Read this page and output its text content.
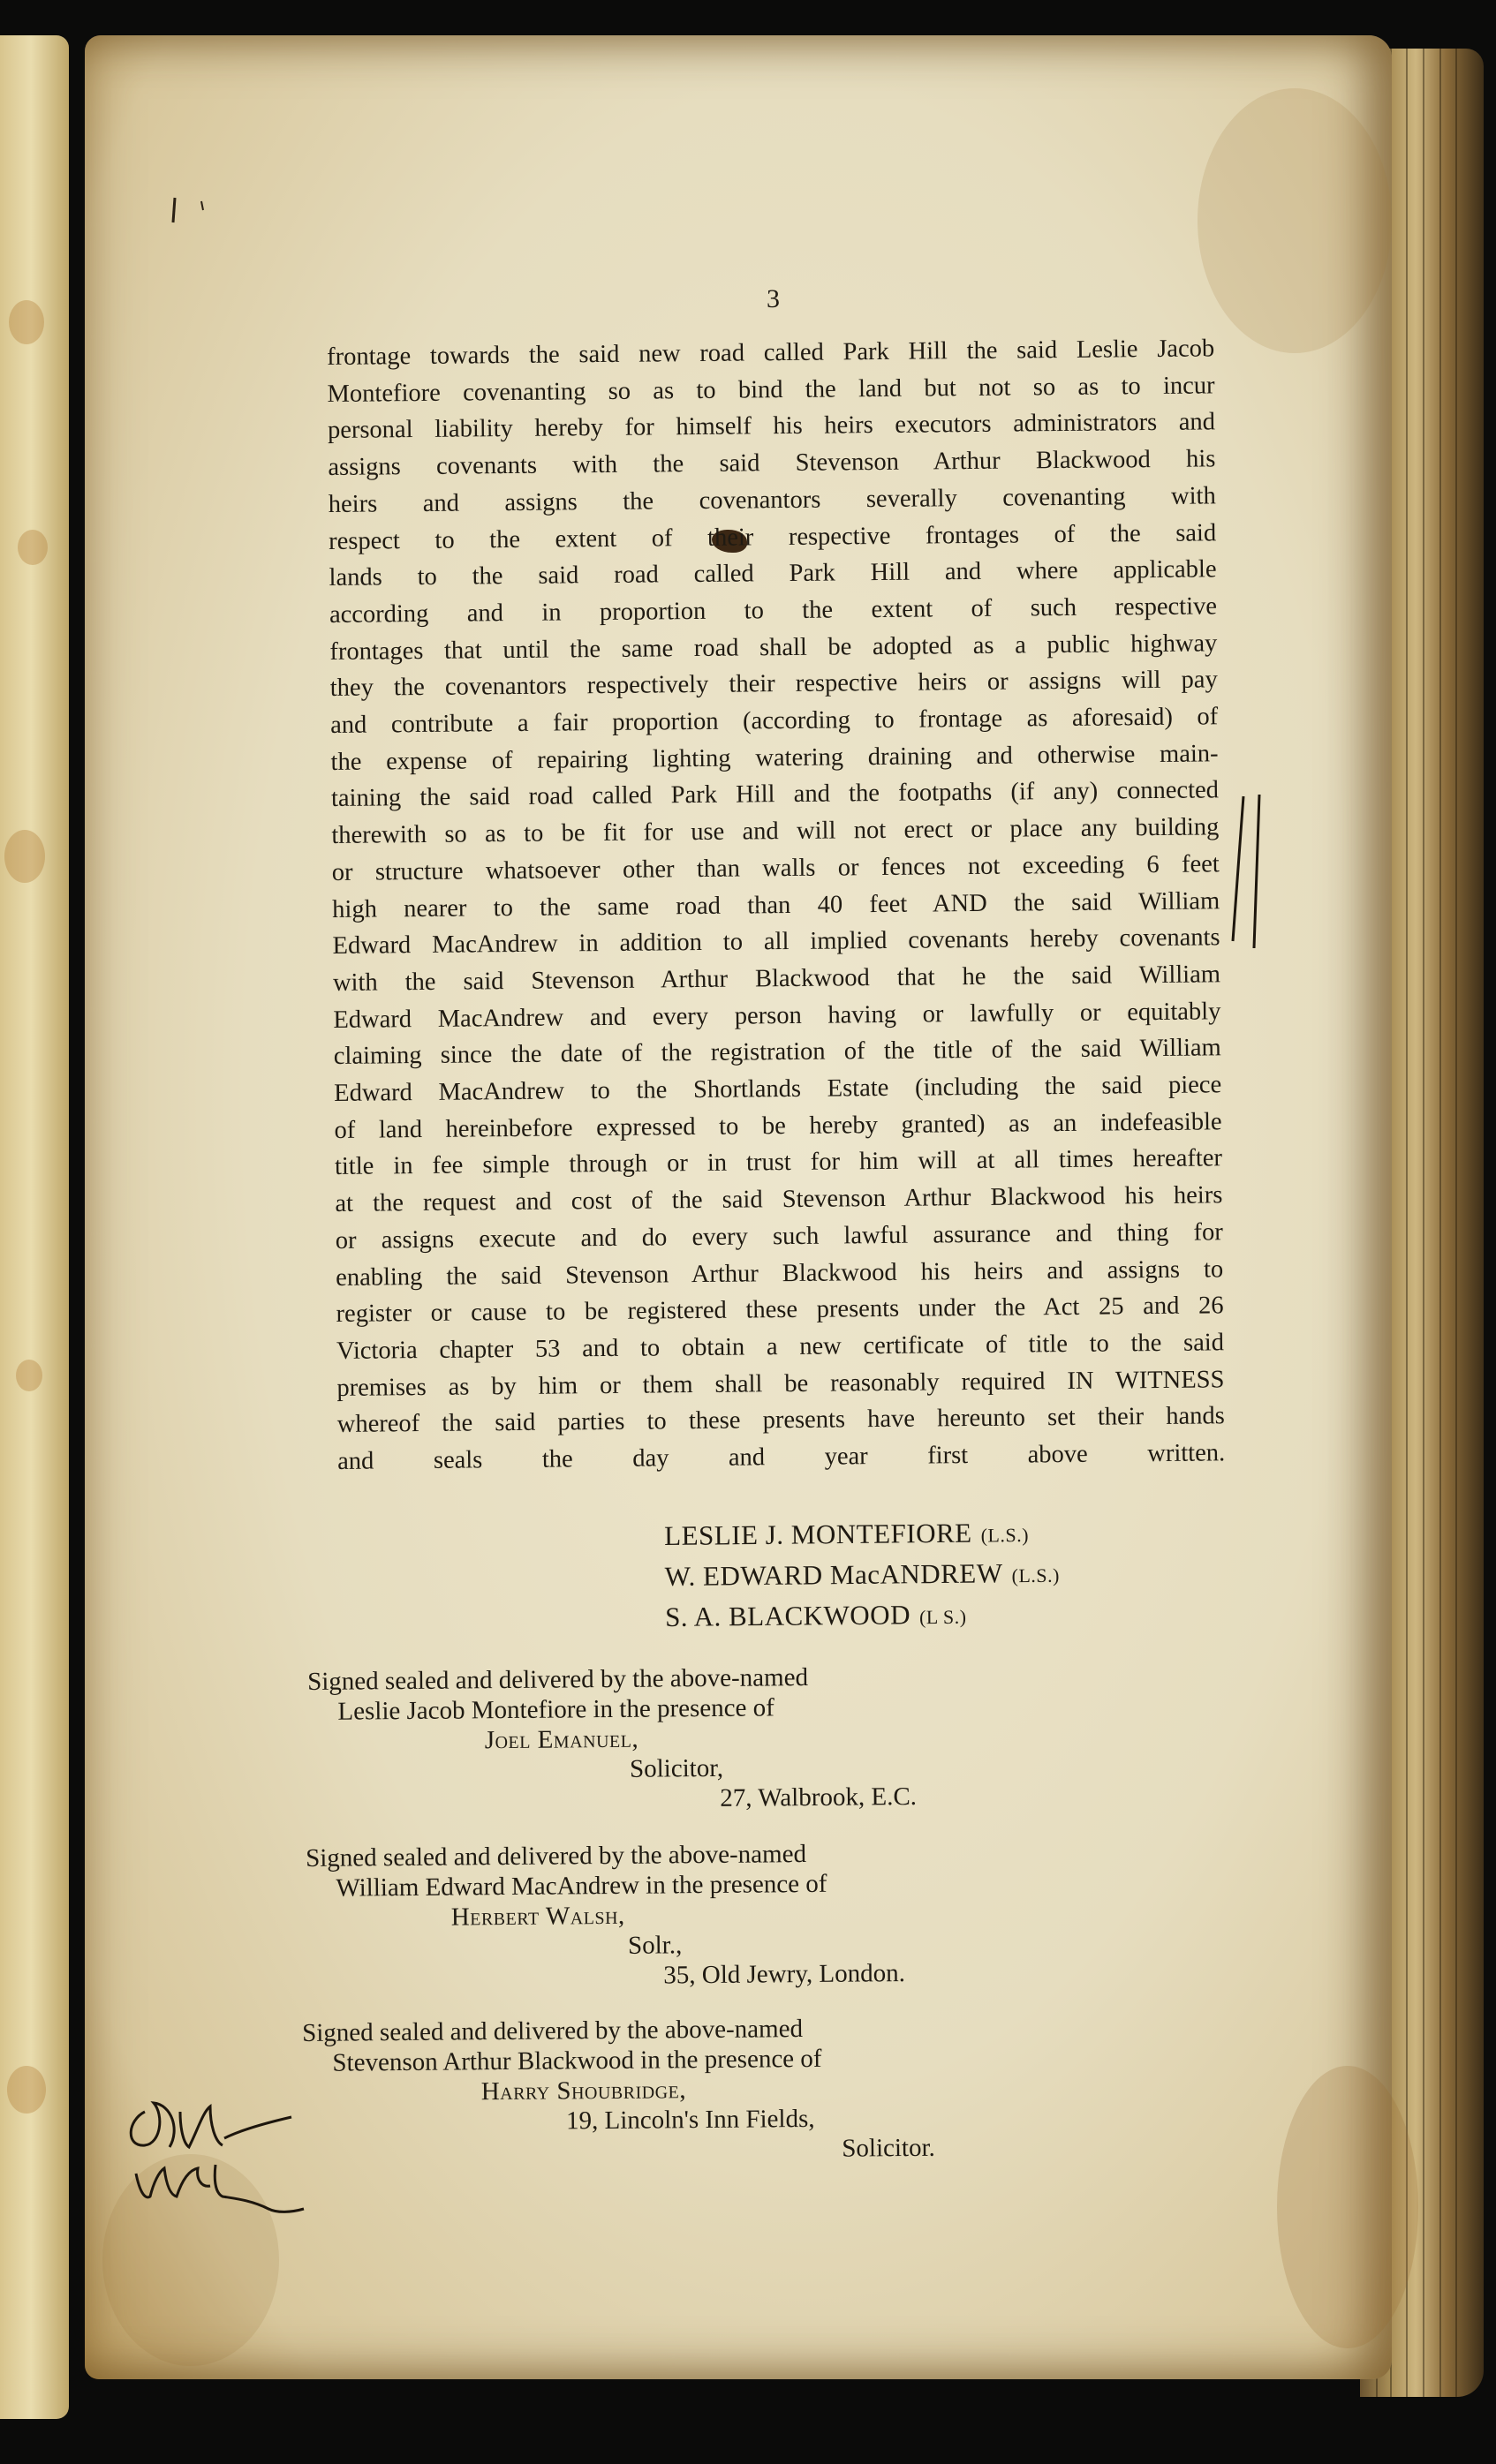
3
frontage towards the said new road called Park Hill the said Leslie Jacob
Montefiore covenanting so as to bind the land but not so as to incur
personal liability hereby for himself his heirs executors administrators and
assigns covenants with the said Stevenson Arthur Blackwood his
heirs and assigns the covenantors severally covenanting with
respect to the extent of their respective frontages of the said
lands to the said road called Park Hill and where applicable
according and in proportion to the extent of such respective
frontages that until the same road shall be adopted as a public highway
they the covenantors respectively their respective heirs or assigns will pay
and contribute a fair proportion (according to frontage as aforesaid) of
the expense of repairing lighting watering draining and otherwise main-
taining the said road called Park Hill and the footpaths (if any) connected
therewith so as to be fit for use and will not erect or place any building
or structure whatsoever other than walls or fences not exceeding 6 feet
high nearer to the same road than 40 feet AND the said William
Edward MacAndrew in addition to all implied covenants hereby covenants
with the said Stevenson Arthur Blackwood that he the said William
Edward MacAndrew and every person having or lawfully or equitably
claiming since the date of the registration of the title of the said William
Edward MacAndrew to the Shortlands Estate (including the said piece
of land hereinbefore expressed to be hereby granted) as an indefeasible
title in fee simple through or in trust for him will at all times hereafter
at the request and cost of the said Stevenson Arthur Blackwood his heirs
or assigns execute and do every such lawful assurance and thing for
enabling the said Stevenson Arthur Blackwood his heirs and assigns to
register or cause to be registered these presents under the Act 25 and 26
Victoria chapter 53 and to obtain a new certificate of title to the said
premises as by him or them shall be reasonably required IN WITNESS
whereof the said parties to these presents have hereunto set their hands
and seals the day and year first above written.
LESLIE J. MONTEFIORE (L.S.)
W. EDWARD MacANDREW (L.S.)
S. A. BLACKWOOD (L S.)
Signed sealed and delivered by the above-named
Leslie Jacob Montefiore in the presence of
Joel Emanuel,
Solicitor,
27, Walbrook, E.C.
Signed sealed and delivered by the above-named
William Edward MacAndrew in the presence of
Herbert Walsh,
Solr.,
35, Old Jewry, London.
Signed sealed and delivered by the above-named
Stevenson Arthur Blackwood in the presence of
Harry Shoubridge,
19, Lincoln's Inn Fields,
Solicitor.
